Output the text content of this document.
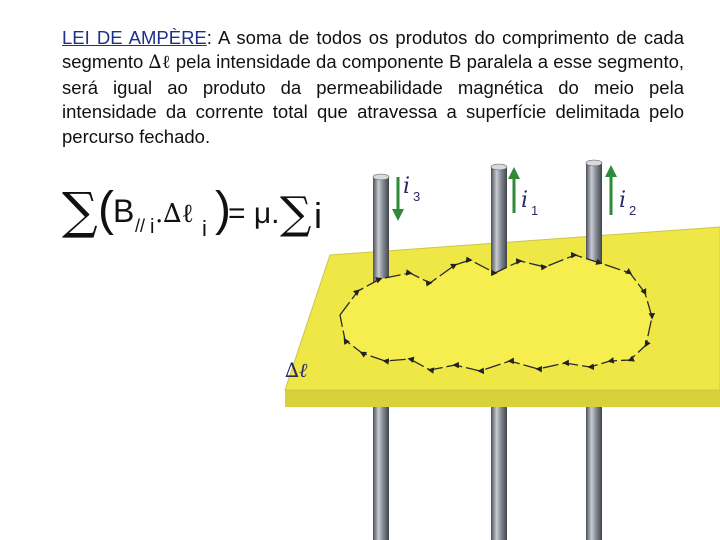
LEI DE AMPÈRE: A soma de todos os produtos do comprimento de cada segmento ∆ℓ pela intensidade da componente B paralela a esse segmento, será igual ao produto da permeabilidade magnética do meio pela intensidade da corrente total que atravessa a superfície delimitada pelo percurso fechado.

∑ ( B // i .∆ℓ i )
= μ. ∑ i
i 3	i 1	i 2
∆ℓ
